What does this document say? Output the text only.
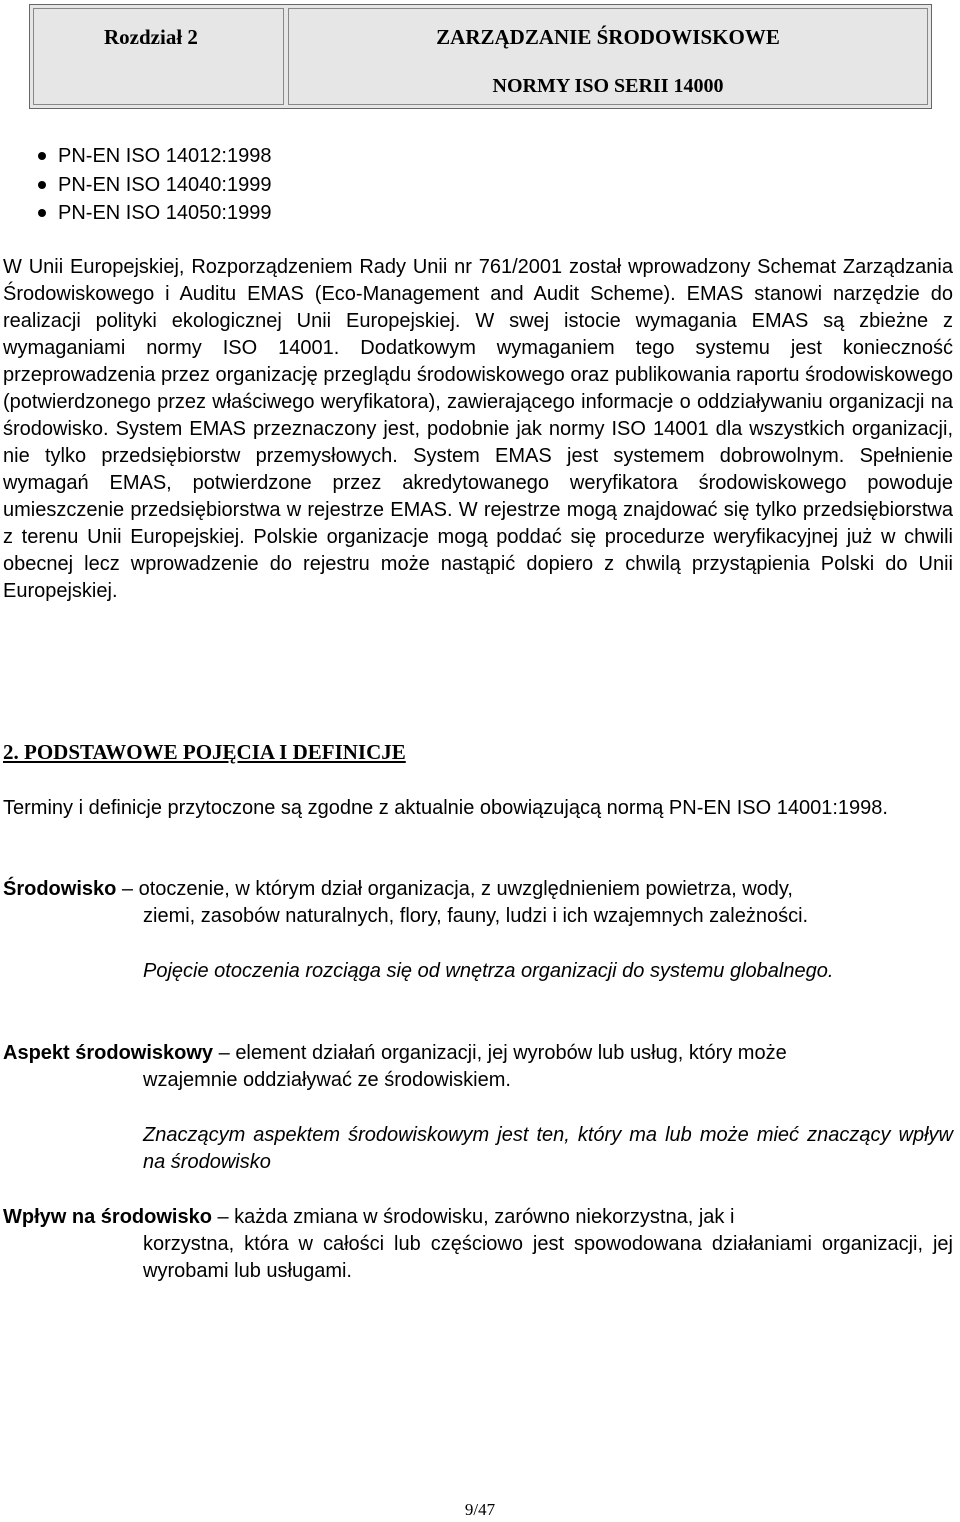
Rozdział 2	ZARZĄDZANIE ŚRODOWISKOWE
NORMY ISO SERII 14000
PN-EN ISO 14012:1998
PN-EN ISO 14040:1999
PN-EN ISO 14050:1999

W Unii Europejskiej, Rozporządzeniem Rady Unii nr 761/2001 został wprowadzony Schemat Zarządzania Środowiskowego i Auditu EMAS (Eco-Management and Audit Scheme). EMAS stanowi narzędzie do realizacji polityki ekologicznej Unii Europejskiej. W swej istocie wymagania EMAS są zbieżne z wymaganiami normy ISO 14001. Dodatkowym wymaganiem tego systemu jest konieczność przeprowadzenia przez organizację przeglądu środowiskowego oraz publikowania raportu środowiskowego (potwierdzonego przez właściwego weryfikatora), zawierającego informacje o oddziaływaniu organizacji na środowisko. System EMAS przeznaczony jest, podobnie jak normy ISO 14001 dla wszystkich organizacji, nie tylko przedsiębiorstw przemysłowych. System EMAS jest systemem dobrowolnym. Spełnienie wymagań EMAS, potwierdzone przez akredytowanego weryfikatora środowiskowego powoduje umieszczenie przedsiębiorstwa w rejestrze EMAS. W rejestrze mogą znajdować się tylko przedsiębiorstwa z terenu Unii Europejskiej. Polskie organizacje mogą poddać się procedurze weryfikacyjnej już w chwili obecnej lecz wprowadzenie do rejestru może nastąpić dopiero z chwilą przystąpienia Polski do Unii Europejskiej.

2. PODSTAWOWE POJĘCIA I DEFINICJE

Terminy i definicje przytoczone są zgodne z aktualnie obowiązującą normą PN-EN ISO 14001:1998.

Środowisko – otoczenie, w którym dział organizacja, z uwzględnieniem powietrza, wody,
ziemi, zasobów naturalnych, flory, fauny, ludzi i ich wzajemnych zależności.
Pojęcie otoczenia rozciąga się od wnętrza organizacji do systemu globalnego.
Aspekt środowiskowy – element działań organizacji, jej wyrobów lub usług, który może
wzajemnie oddziaływać ze środowiskiem.
Znaczącym aspektem środowiskowym jest ten, który ma lub może mieć znaczący wpływ na środowisko
Wpływ na środowisko – każda zmiana w środowisku, zarówno niekorzystna, jak i
korzystna, która w całości lub częściowo jest spowodowana działaniami organizacji, jej wyrobami lub usługami.
9/47
